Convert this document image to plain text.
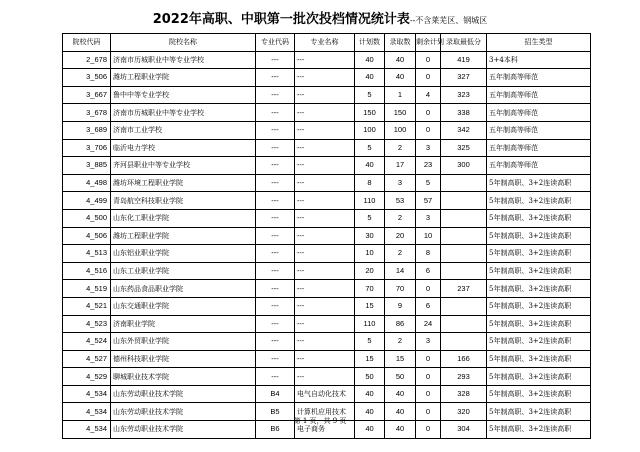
2022年高职、中职第一批次投档情况统计表--不含莱芜区、钢城区
院校代码	院校名称	专业代码	专业名称	计划数	录取数	剩余计划	录取最低分	招生类型
2_678	济南市历城职业中等专业学校	---	---	40	40	0	419	3+4本科
3_506	潍坊工程职业学院	---	---	40	40	0	327	五年制高等师范
3_667	鲁中中等专业学校	---	---	5	1	4	323	五年制高等师范
3_678	济南市历城职业中等专业学校	---	---	150	150	0	338	五年制高等师范
3_689	济南市工业学校	---	---	100	100	0	342	五年制高等师范
3_706	临沂电力学校	---	---	5	2	3	325	五年制高等师范
3_885	齐河县职业中等专业学校	---	---	40	17	23	300	五年制高等师范
4_498	潍坊环境工程职业学院	---	---	8	3	5		5年制高职、3+2连读高职
4_499	青岛航空科技职业学院	---	---	110	53	57		5年制高职、3+2连读高职
4_500	山东化工职业学院	---	---	5	2	3		5年制高职、3+2连读高职
4_506	潍坊工程职业学院	---	---	30	20	10		5年制高职、3+2连读高职
4_513	山东铝业职业学院	---	---	10	2	8		5年制高职、3+2连读高职
4_516	山东工业职业学院	---	---	20	14	6		5年制高职、3+2连读高职
4_519	山东药品食品职业学院	---	---	70	70	0	237	5年制高职、3+2连读高职
4_521	山东交通职业学院	---	---	15	9	6		5年制高职、3+2连读高职
4_523	济南职业学院	---	---	110	86	24		5年制高职、3+2连读高职
4_524	山东外贸职业学院	---	---	5	2	3		5年制高职、3+2连读高职
4_527	德州科技职业学院	---	---	15	15	0	166	5年制高职、3+2连读高职
4_529	聊城职业技术学院	---	---	50	50	0	293	5年制高职、3+2连读高职
4_534	山东劳动职业技术学院	B4	电气自动化技术	40	40	0	328	5年制高职、3+2连读高职
4_534	山东劳动职业技术学院	B5	计算机应用技术	40	40	0	320	5年制高职、3+2连读高职
4_534	山东劳动职业技术学院	B6	电子商务	40	40	0	304	5年制高职、3+2连读高职
第 1 页，共 9 页
